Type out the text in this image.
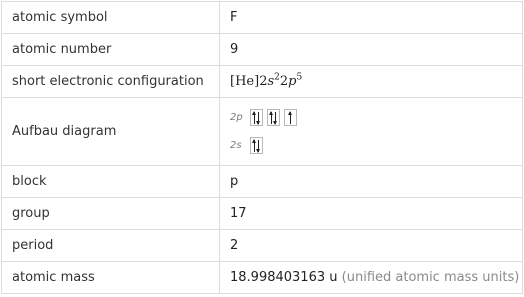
atomic symbol	F
atomic number	9
short electronic configuration	$[He]2s^22p^5$
Aufbau diagram	2p
2s

block	p
group	17
period	2
atomic mass	18.998403163 u (unified atomic mass units)
